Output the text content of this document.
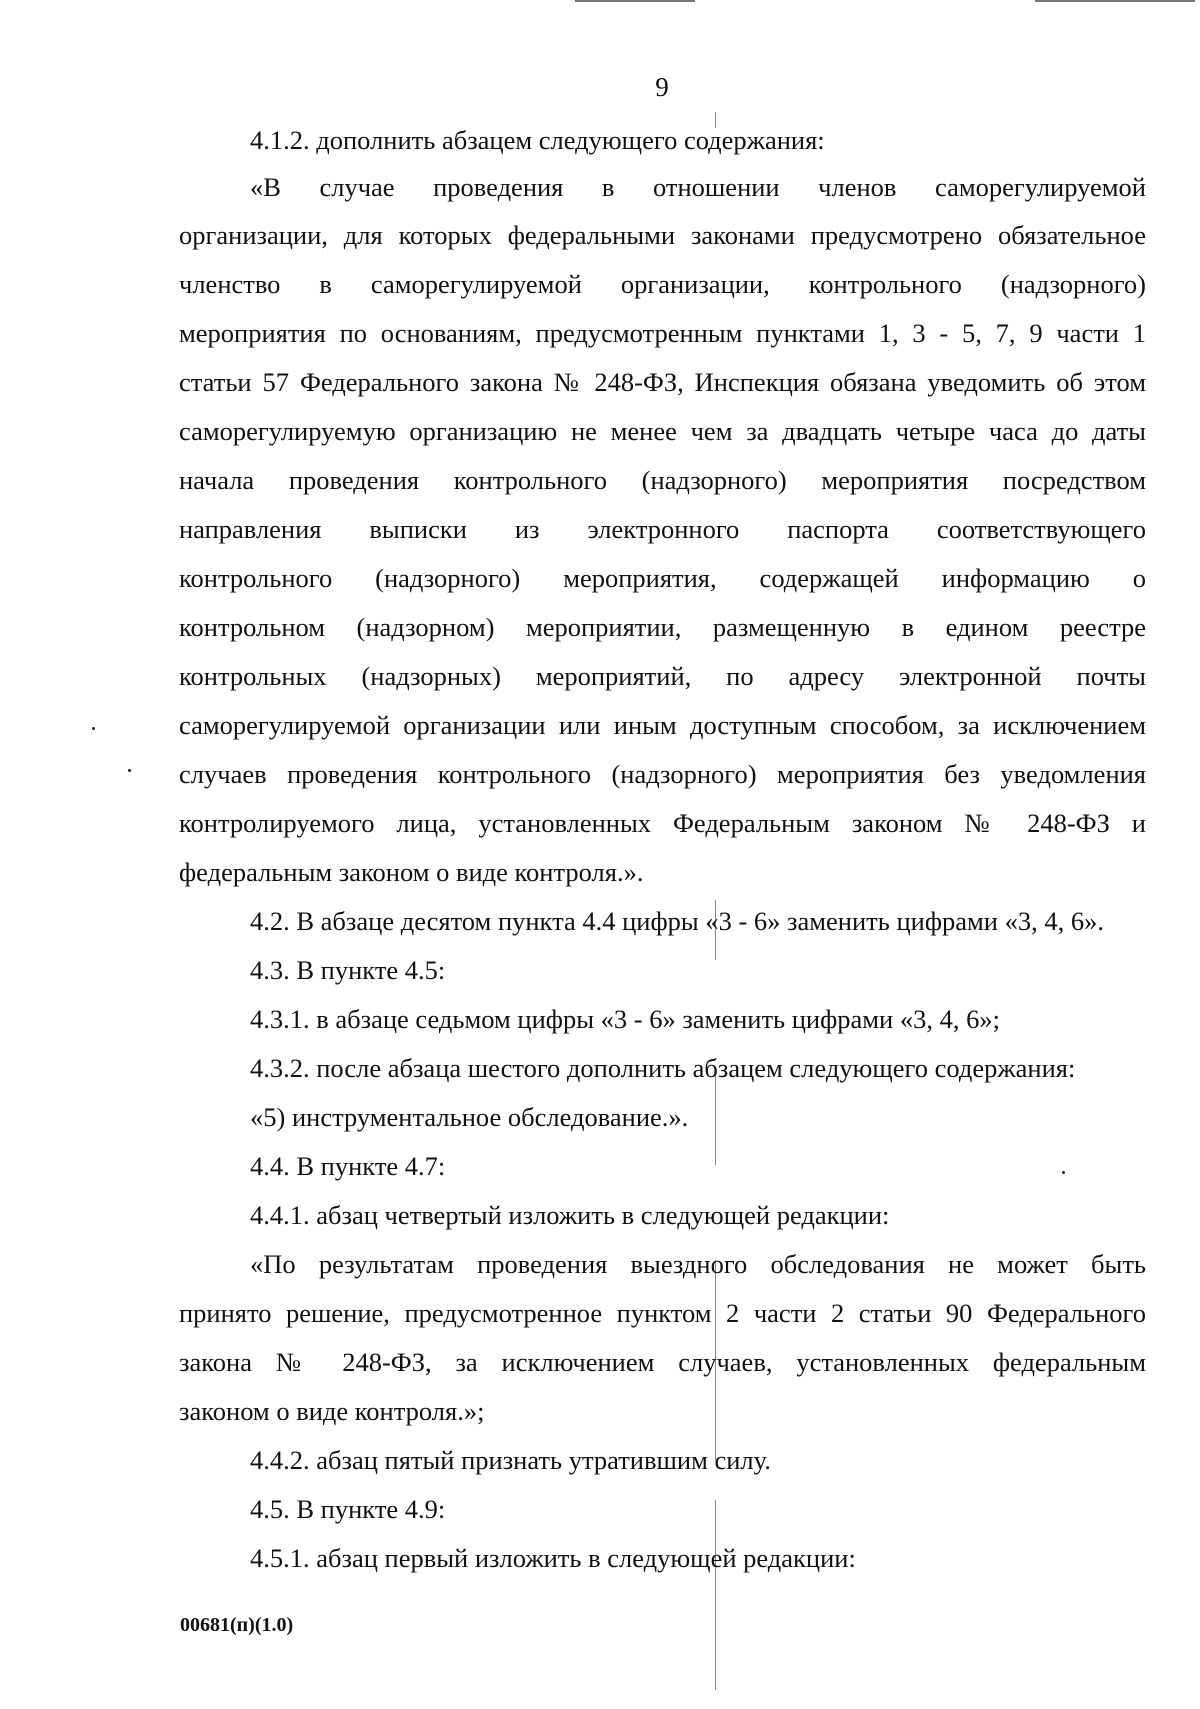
9
4.1.2. дополнить абзацем следующего содержания:
«В случае проведения в отношении членов саморегулируемой
организации, для которых федеральными законами предусмотрено обязательное
членство в саморегулируемой организации, контрольного (надзорного)
мероприятия по основаниям, предусмотренным пунктами 1, 3 - 5, 7, 9 части 1
статьи 57 Федерального закона № 248-ФЗ, Инспекция обязана уведомить об этом
саморегулируемую организацию не менее чем за двадцать четыре часа до даты
начала проведения контрольного (надзорного) мероприятия посредством
направления выписки из электронного паспорта соответствующего
контрольного (надзорного) мероприятия, содержащей информацию о
контрольном (надзорном) мероприятии, размещенную в едином реестре
контрольных (надзорных) мероприятий, по адресу электронной почты
саморегулируемой организации или иным доступным способом, за исключением
случаев проведения контрольного (надзорного) мероприятия без уведомления
контролируемого лица, установленных Федеральным законом № 248-ФЗ и
федеральным законом о виде контроля.».
4.2. В абзаце десятом пункта 4.4 цифры «3 - 6» заменить цифрами «3, 4, 6».
4.3. В пункте 4.5:
4.3.1. в абзаце седьмом цифры «3 - 6» заменить цифрами «3, 4, 6»;
4.3.2. после абзаца шестого дополнить абзацем следующего содержания:
«5) инструментальное обследование.».
4.4. В пункте 4.7:
4.4.1. абзац четвертый изложить в следующей редакции:
«По результатам проведения выездного обследования не может быть
принято решение, предусмотренное пунктом 2 части 2 статьи 90 Федерального
закона № 248-ФЗ, за исключением случаев, установленных федеральным
законом о виде контроля.»;
4.4.2. абзац пятый признать утратившим силу.
4.5. В пункте 4.9:
4.5.1. абзац первый изложить в следующей редакции:
00681(п)(1.0)
